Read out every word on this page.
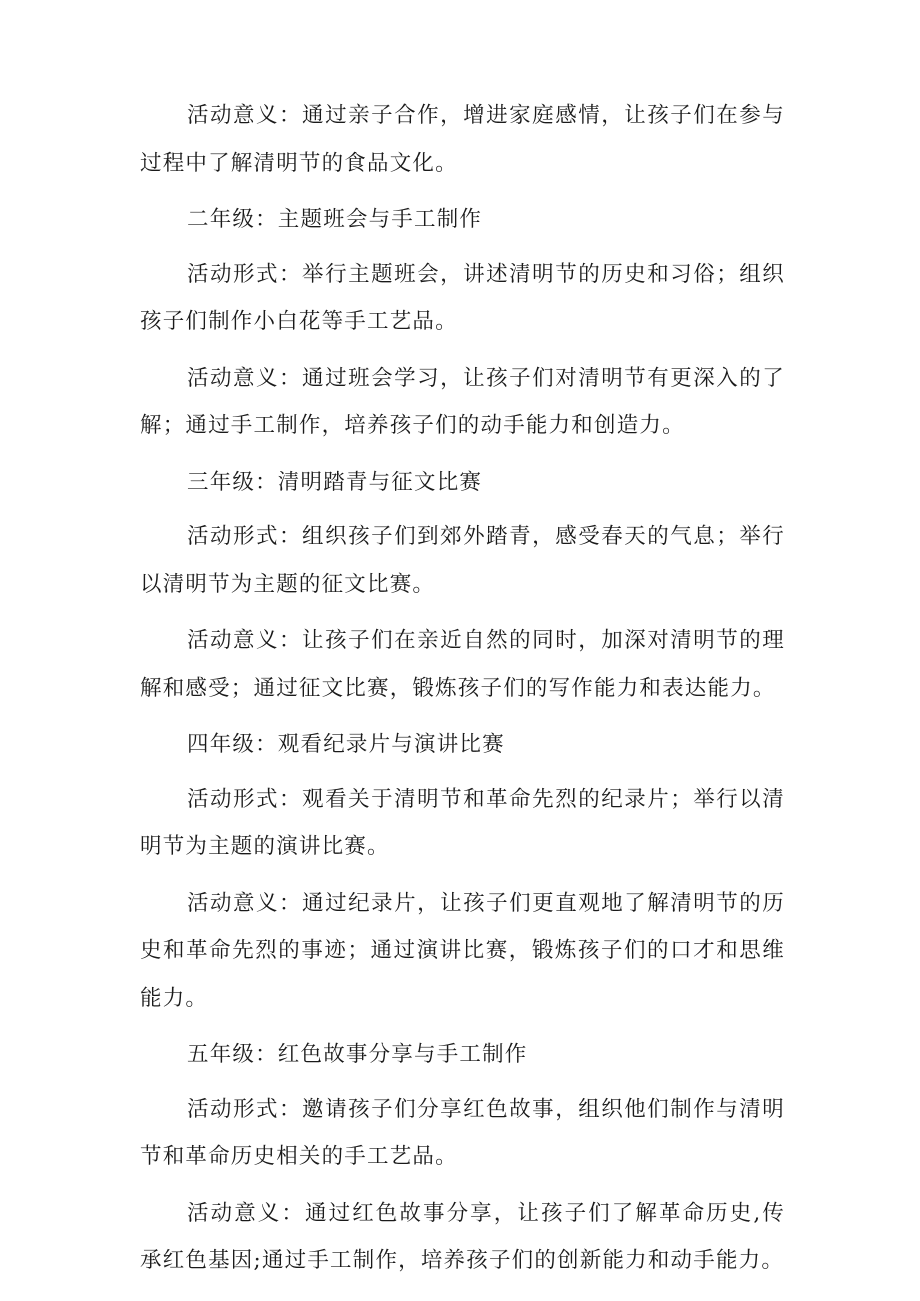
活动意义：通过亲子合作，增进家庭感情，让孩子们在参与过程中了解清明节的食品文化。

二年级：主题班会与手工制作

活动形式：举行主题班会，讲述清明节的历史和习俗；组织孩子们制作小白花等手工艺品。

活动意义：通过班会学习，让孩子们对清明节有更深入的了解；通过手工制作，培养孩子们的动手能力和创造力。

三年级：清明踏青与征文比赛

活动形式：组织孩子们到郊外踏青，感受春天的气息；举行以清明节为主题的征文比赛。

活动意义：让孩子们在亲近自然的同时，加深对清明节的理解和感受；通过征文比赛，锻炼孩子们的写作能力和表达能力。

四年级：观看纪录片与演讲比赛

活动形式：观看关于清明节和革命先烈的纪录片；举行以清明节为主题的演讲比赛。

活动意义：通过纪录片，让孩子们更直观地了解清明节的历史和革命先烈的事迹；通过演讲比赛，锻炼孩子们的口才和思维能力。

五年级：红色故事分享与手工制作

活动形式：邀请孩子们分享红色故事，组织他们制作与清明节和革命历史相关的手工艺品。

活动意义：通过红色故事分享，让孩子们了解革命历史,传承红色基因;通过手工制作，培养孩子们的创新能力和动手能力。
